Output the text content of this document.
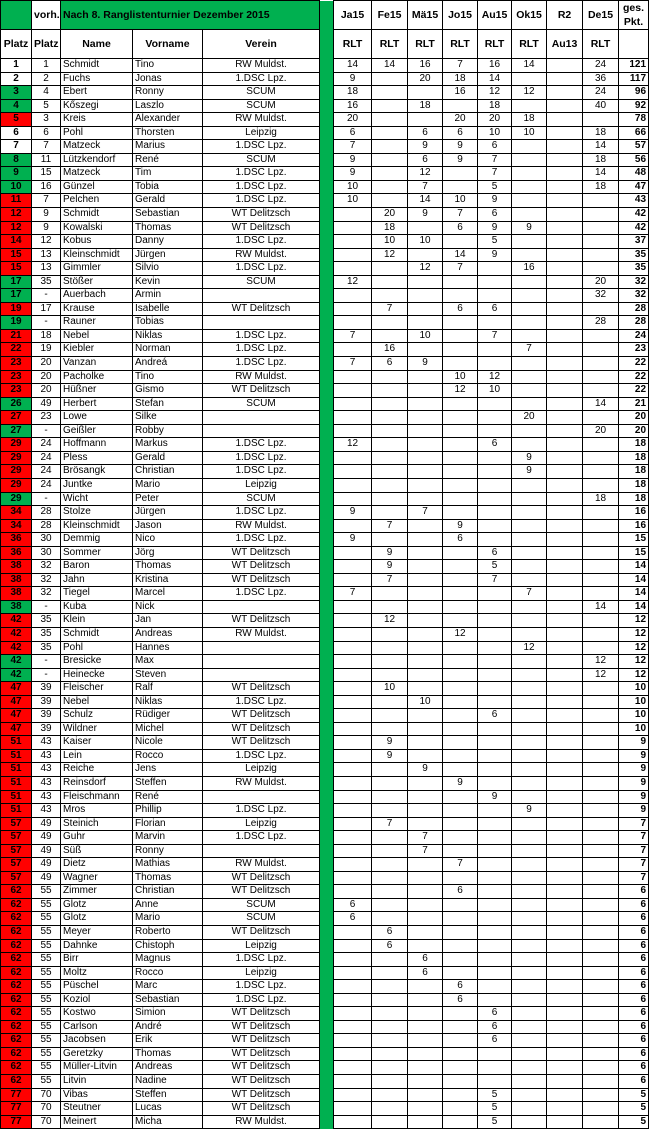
	vorh.	Nach 8. Ranglistenturnier Dezember 2015				Ja15	Fe15	Mä15	Jo15	Au15	Ok15	R2	De15	ges.
Pkt.
Platz	Platz	Name	Vorname	Verein		RLT	RLT	RLT	RLT	RLT	RLT	Au13	RLT	
1	1	Schmidt	Tino	RW Muldst.		14	14	16	7	16	14		24	121
2	2	Fuchs	Jonas	1.DSC Lpz.		9		20	18	14			36	117
3	4	Ebert	Ronny	SCUM		18			16	12	12		24	96
4	5	Kőszegi	Laszlo	SCUM		16		18		18			40	92
5	3	Kreis	Alexander	RW Muldst.		20			20	20	18			78
6	6	Pohl	Thorsten	Leipzig		6		6	6	10	10		18	66
7	7	Matzeck	Marius	1.DSC Lpz.		7		9	9	6			14	57
8	11	Lützkendorf	René	SCUM		9		6	9	7			18	56
9	15	Matzeck	Tim	1.DSC Lpz.		9		12		7			14	48
10	16	Günzel	Tobia	1.DSC Lpz.		10		7		5			18	47
11	7	Pelchen	Gerald	1.DSC Lpz.		10		14	10	9				43
12	9	Schmidt	Sebastian	WT Delitzsch			20	9	7	6				42
12	9	Kowalski	Thomas	WT Delitzsch			18		6	9	9			42
14	12	Kobus	Danny	1.DSC Lpz.			10	10		5				37
15	13	Kleinschmidt	Jürgen	RW Muldst.			12		14	9				35
15	13	Gimmler	Silvio	1.DSC Lpz.				12	7		16			35
17	35	Stößer	Kevin	SCUM		12							20	32
17	-	Auerbach	Armin										32	32
19	17	Krause	Isabelle	WT Delitzsch			7		6	6				28
19	-	Rauner	Tobias										28	28
21	18	Nebel	Niklas	1.DSC Lpz.		7		10		7				24
22	19	Kiebler	Norman	1.DSC Lpz.			16				7			23
23	20	Vanzan	Andreá	1.DSC Lpz.		7	6	9						22
23	20	Pacholke	Tino	RW Muldst.					10	12				22
23	20	Hüßner	Gismo	WT Delitzsch					12	10				22
26	49	Herbert	Stefan	SCUM									14	21
27	23	Lowe	Silke								20			20
27	-	Geißler	Robby										20	20
29	24	Hoffmann	Markus	1.DSC Lpz.		12				6				18
29	24	Pless	Gerald	1.DSC Lpz.							9			18
29	24	Brösangk	Christian	1.DSC Lpz.							9			18
29	24	Juntke	Mario	Leipzig										18
29	-	Wicht	Peter	SCUM									18	18
34	28	Stolze	Jürgen	1.DSC Lpz.		9		7						16
34	28	Kleinschmidt	Jason	RW Muldst.			7		9					16
36	30	Demmig	Nico	1.DSC Lpz.		9			6					15
36	30	Sommer	Jörg	WT Delitzsch			9			6				15
38	32	Baron	Thomas	WT Delitzsch			9			5				14
38	32	Jahn	Kristina	WT Delitzsch			7			7				14
38	32	Tiegel	Marcel	1.DSC Lpz.		7					7			14
38	-	Kuba	Nick										14	14
42	35	Klein	Jan	WT Delitzsch			12							12
42	35	Schmidt	Andreas	RW Muldst.					12					12
42	35	Pohl	Hannes								12			12
42	-	Bresicke	Max										12	12
42	-	Heinecke	Steven										12	12
47	39	Fleischer	Ralf	WT Delitzsch			10							10
47	39	Nebel	Niklas	1.DSC Lpz.				10						10
47	39	Schulz	Rüdiger	WT Delitzsch						6				10
47	39	Wildner	Michel	WT Delitzsch										10
51	43	Kaiser	Nicole	WT Delitzsch			9							9
51	43	Lein	Rocco	1.DSC Lpz.			9							9
51	43	Reiche	Jens	Leipzig				9						9
51	43	Reinsdorf	Steffen	RW Muldst.					9					9
51	43	Fleischmann	René							9				9
51	43	Mros	Phillip	1.DSC Lpz.							9			9
57	49	Steinich	Florian	Leipzig			7							7
57	49	Guhr	Marvin	1.DSC Lpz.				7						7
57	49	Süß	Ronny					7						7
57	49	Dietz	Mathias	RW Muldst.					7					7
57	49	Wagner	Thomas	WT Delitzsch										7
62	55	Zimmer	Christian	WT Delitzsch					6					6
62	55	Glotz	Anne	SCUM		6								6
62	55	Glotz	Mario	SCUM		6								6
62	55	Meyer	Roberto	WT Delitzsch			6							6
62	55	Dahnke	Chistoph	Leipzig			6							6
62	55	Birr	Magnus	1.DSC Lpz.				6						6
62	55	Moltz	Rocco	Leipzig				6						6
62	55	Püschel	Marc	1.DSC Lpz.					6					6
62	55	Koziol	Sebastian	1.DSC Lpz.					6					6
62	55	Kostwo	Simion	WT Delitzsch						6				6
62	55	Carlson	André	WT Delitzsch						6				6
62	55	Jacobsen	Erik	WT Delitzsch						6				6
62	55	Geretzky	Thomas	WT Delitzsch										6
62	55	Müller-Litvin	Andreas	WT Delitzsch										6
62	55	Litvin	Nadine	WT Delitzsch										6
77	70	Vibas	Steffen	WT Delitzsch						5				5
77	70	Steutner	Lucas	WT Delitzsch						5				5
77	70	Meinert	Micha	RW Muldst.						5				5
